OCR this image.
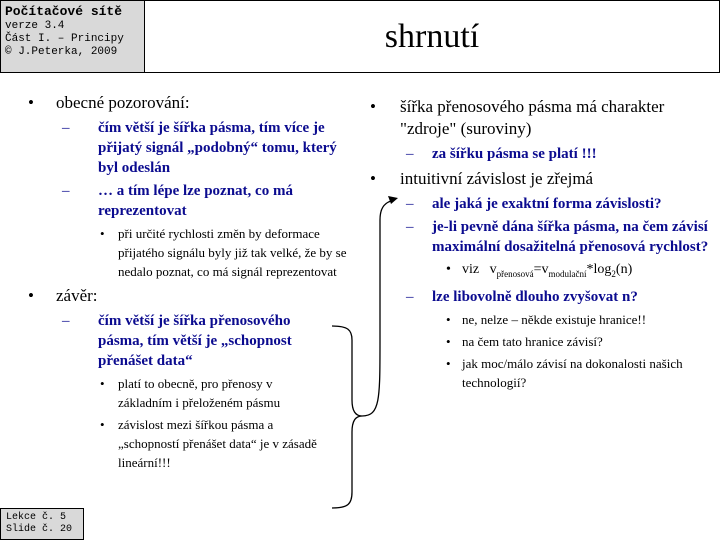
Počítačové sítě
verze 3.4
Část I. – Principy
© J.Peterka, 2009	shrnutí
• obecné pozorování:
– čím větší je šířka pásma, tím více je přijatý signál „podobný“ tomu, který byl odeslán
– … a tím lépe lze poznat, co má reprezentovat
• při určité rychlosti změn by deformace přijatého signálu byly již tak velké, že by se nedalo poznat, co má signál reprezentovat
• závěr:
– čím větší je šířka přenosového pásma, tím větší je „schopnost přenášet data“
• platí to obecně, pro přenosy v základním i přeloženém pásmu
• závislost mezi šířkou pásma a „schopností přenášet data“ je v zásadě lineární!!!
• šířka přenosového pásma má charakter "zdroje" (suroviny)
– za šířku pásma se platí !!!
• intuitivní závislost je zřejmá
– ale jaká je exaktní forma závislosti?
– je-li pevně dána šířka pásma, na čem závisí maximální dosažitelná přenosová rychlost?
• viz $v_{přenosová}=v_{modulační}*\log_2(n)$
– lze libovolně dlouho zvyšovat n?
• ne, nelze – někde existuje hranice!!
• na čem tato hranice závisí?
• jak moc/málo závisí na dokonalosti našich technologií?
Lekce č. 5
Slide č. 20
